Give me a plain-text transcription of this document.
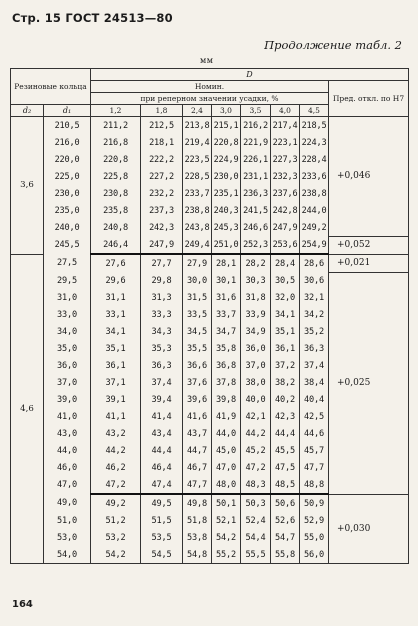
Стр. 15 ГОСТ 24513—80
Продолжение табл. 2
мм
Резиновые кольца		D							
		Номин.							Пред. откл. по H7
		при реперном значении усадки, %							
d₂	d₁	1,2	1,8	2,4	3,0	3,5	4,0	4,5	
3,6	210,5	211,2	212,5	213,8	215,1	216,2	217,4	218,5	+0,046
	216,0	216,8	218,1	219,4	220,8	221,9	223,1	224,3	
	220,0	220,8	222,2	223,5	224,9	226,1	227,3	228,4	
	225,0	225,8	227,2	228,5	230,0	231,1	232,3	233,6	
	230,0	230,8	232,2	233,7	235,1	236,3	237,6	238,8	
	235,0	235,8	237,3	238,8	240,3	241,5	242,8	244,0	
	240,0	240,8	242,3	243,8	245,3	246,6	247,9	249,2	
	245,5	246,4	247,9	249,4	251,0	252,3	253,6	254,9	+0,052
4,6	27,5	27,6	27,7	27,9	28,1	28,2	28,4	28,6	+0,021
	29,5	29,6	29,8	30,0	30,1	30,3	30,5	30,6	+0,025
	31,0	31,1	31,3	31,5	31,6	31,8	32,0	32,1	
	33,0	33,1	33,3	33,5	33,7	33,9	34,1	34,2	
	34,0	34,1	34,3	34,5	34,7	34,9	35,1	35,2	
	35,0	35,1	35,3	35,5	35,8	36,0	36,1	36,3	
	36,0	36,1	36,3	36,6	36,8	37,0	37,2	37,4	
	37,0	37,1	37,4	37,6	37,8	38,0	38,2	38,4	
	39,0	39,1	39,4	39,6	39,8	40,0	40,2	40,4	
	41,0	41,1	41,4	41,6	41,9	42,1	42,3	42,5	
	43,0	43,2	43,4	43,7	44,0	44,2	44,4	44,6	
	44,0	44,2	44,4	44,7	45,0	45,2	45,5	45,7	
	46,0	46,2	46,4	46,7	47,0	47,2	47,5	47,7	
	47,0	47,2	47,4	47,7	48,0	48,3	48,5	48,8	
	49,0	49,2	49,5	49,8	50,1	50,3	50,6	50,9	+0,030
	51,0	51,2	51,5	51,8	52,1	52,4	52,6	52,9	
	53,0	53,2	53,5	53,8	54,2	54,4	54,7	55,0	
	54,0	54,2	54,5	54,8	55,2	55,5	55,8	56,0	
164
